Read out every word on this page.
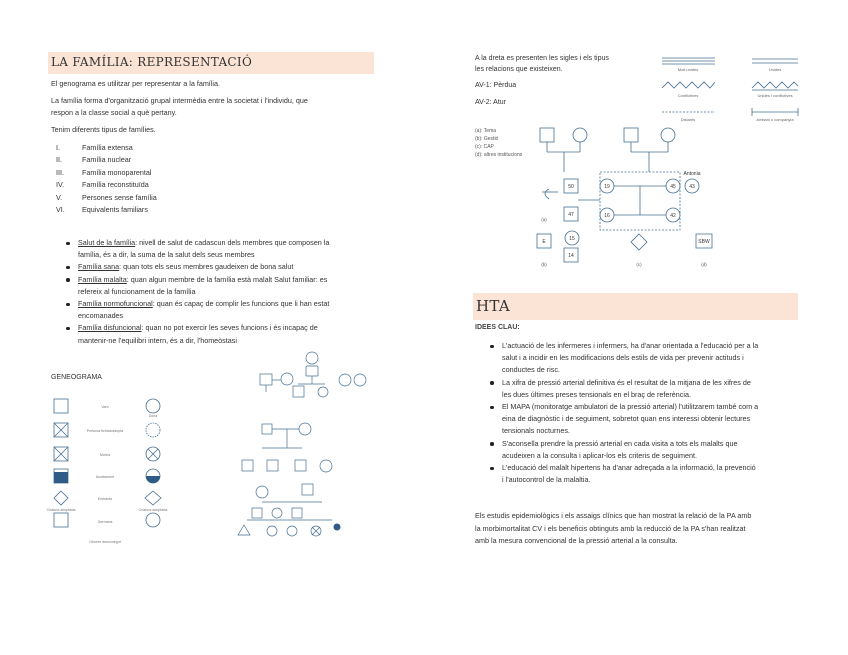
LA FAMÍLIA: REPRESENTACIÓ
El genograma es utilitzar per representar a la família.
La família forma d'organització grupal intermèdia entre la societat i l'individu, que
respon a la classe social a què pertany.
Tenim diferents tipus de famílies.
I.	Família extensa
II.	Família nuclear
III.	Família monoparental
IV.	Família reconstituïda
V.	Persones sense família
VI.	Equivalents familiars
Salut de la família: nivell de salut de cadascun dels membres que composen la
família, és a dir, la suma de la salut dels seus membres
Família sana: quan tots els seus membres gaudeixen de bona salut
Família malalta: quan algun membre de la família està malalt Salut familiar: es
refereix al funcionament de la família
Família normofuncional: quan és capaç de complir les funcions que li han estat
encomanades
Família disfuncional: quan no pot exercir les seves funcions i és incapaç de
mantenir-ne l'equilibri intern, és a dir, l'homeòstasi
GENEOGRAMA
Varó
Dona
Persona fictícia/adopta
Mort/a
Avortament
Embaràs
Criatura adoptada	Criatura adoptada
Germans
Gènere desconegut
A la dreta es presenten les sigles i els tipus
les relacions que existeixen.
AV-1: Pèrdua
AV-2: Atur
(a): Tema
(b): Gestió
(c): CAP
(d): altres institucions
Molt unides	Unides
Conflictives	Unides i conflictives
Distants	Amistat o companyia
50
47
19
16
15
14
45	43
42
E	SBW
Antonia
(a)
(b)	(c)	(d)
HTA
IDEES CLAU:
L'actuació de les infermeres i infermers, ha d'anar orientada a l'educació per a la
salut i a incidir en les modificacions dels estils de vida per prevenir actituds i
conductes de risc.
La xifra de pressió arterial definitiva és el resultat de la mitjana de les xifres de
les dues últimes preses tensionals en el braç de referència.
El MAPA (monitoratge ambulatori de la pressió arterial) l'utilitzarem també com a
eina de diagnòstic i de seguiment, sobretot quan ens interessi obtenir lectures
tensionals nocturnes.
S'aconsella prendre la pressió arterial en cada visita a tots els malalts que
acudeixen a la consulta i aplicar-los els criteris de seguiment.
L'educació del malalt hipertens ha d'anar adreçada a la informació, la prevenció
i l'autocontrol de la malaltia.
Els estudis epidemiològics i els assaigs clínics que han mostrat la relació de la PA amb
la morbimortalitat CV i els beneficis obtinguts amb la reducció de la PA s'han realitzat
amb la mesura convencional de la pressió arterial a la consulta.
